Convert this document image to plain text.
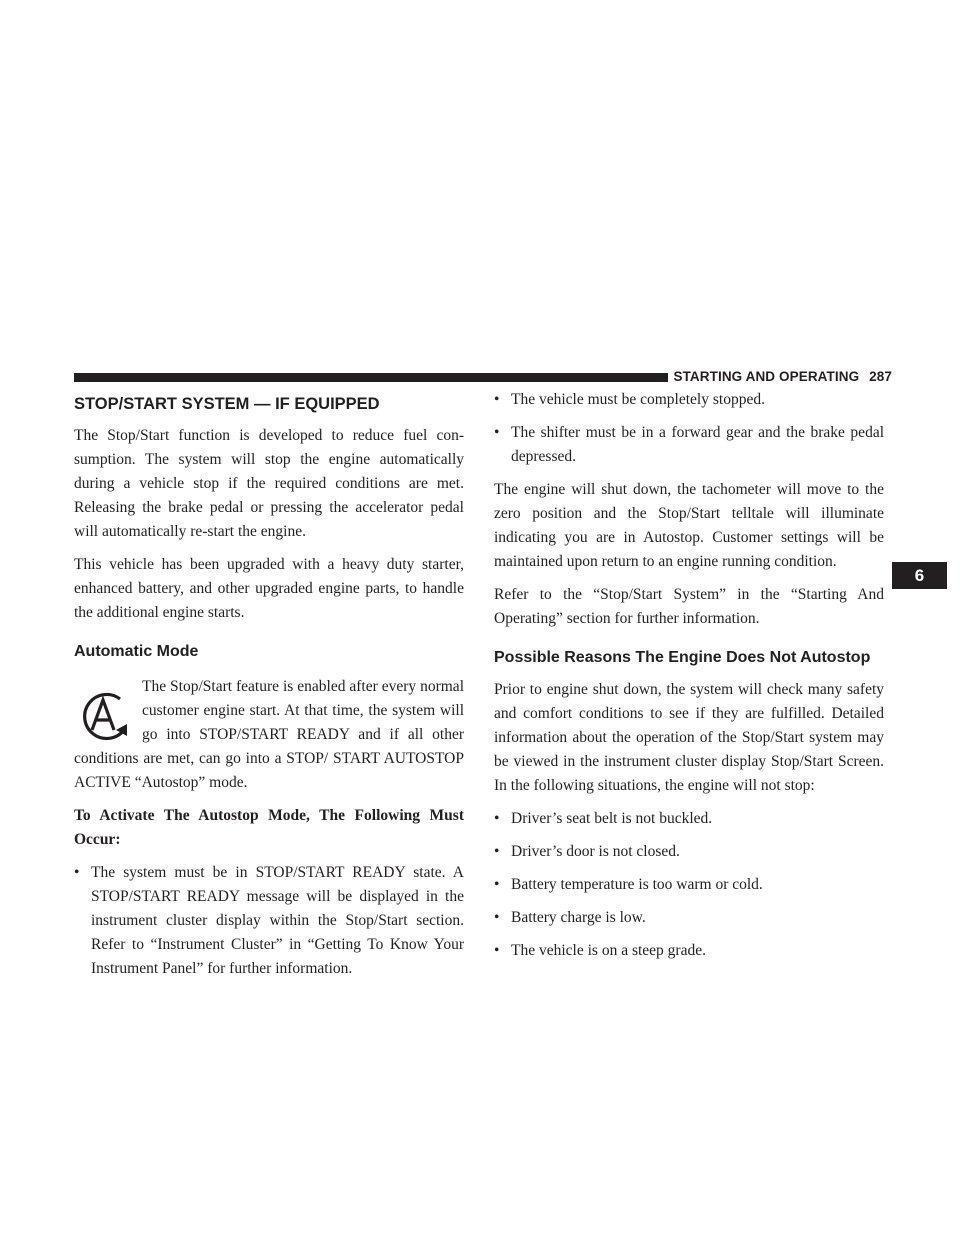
STARTING AND OPERATING 287
6
STOP/START SYSTEM — IF EQUIPPED

The Stop/Start function is developed to reduce fuel con-sumption. The system will stop the engine automatically during a vehicle stop if the required conditions are met. Releasing the brake pedal or pressing the accelerator pedal will automatically re-start the engine.

This vehicle has been upgraded with a heavy duty starter, enhanced battery, and other upgraded engine parts, to handle the additional engine starts.

Automatic Mode

The Stop/Start feature is enabled after every normal customer engine start. At that time, the system will go into STOP/START READY and if all other conditions are met, can go into a STOP/ START AUTOSTOP ACTIVE “Autostop” mode.

To Activate The Autostop Mode, The Following Must Occur:

• The system must be in STOP/START READY state. A STOP/START READY message will be displayed in the instrument cluster display within the Stop/Start section. Refer to “Instrument Cluster” in “Getting To Know Your Instrument Panel” for further information.
• The vehicle must be completely stopped.
• The shifter must be in a forward gear and the brake pedal depressed.

The engine will shut down, the tachometer will move to the zero position and the Stop/Start telltale will illuminate indicating you are in Autostop. Customer settings will be maintained upon return to an engine running condition.

Refer to the “Stop/Start System” in the “Starting And Operating” section for further information.

Possible Reasons The Engine Does Not Autostop

Prior to engine shut down, the system will check many safety and comfort conditions to see if they are fulfilled. Detailed information about the operation of the Stop/Start system may be viewed in the instrument cluster display Stop/Start Screen. In the following situations, the engine will not stop:

• Driver’s seat belt is not buckled.
• Driver’s door is not closed.
• Battery temperature is too warm or cold.
• Battery charge is low.
• The vehicle is on a steep grade.
